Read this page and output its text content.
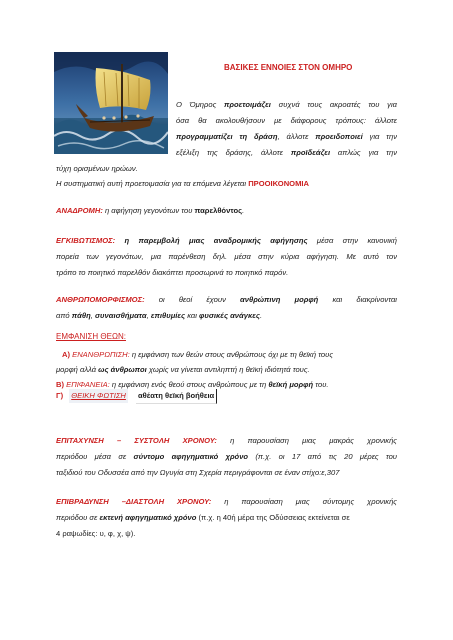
ΒΑΣΙΚΕΣ ΕΝΝΟΙΕΣ ΣΤΟΝ ΟΜΗΡΟ
Ο Όμηρος προετοιμάζει συχνά τους ακροατές του για
όσα θα ακολουθήσουν με διάφορους τρόπους: άλλοτε
προγραμματίζει τη δράση, άλλοτε προειδοποιεί για την
εξέλιξη της δράσης, άλλοτε προϊδεάζει απλώς για την
τύχη ορισμένων ηρώων.
Η συστηματική αυτή προετοιμασία για τα επόμενα λέγεται ΠΡΟΟΙΚΟΝΟΜΙΑ
ΑΝΑΔΡΟΜΗ: η αφήγηση γεγονότων του παρελθόντος.
ΕΓΚΙΒΩΤΙΣΜΟΣ: η παρεμβολή μιας αναδρομικής αφήγησης μέσα στην κανονική
πορεία των γεγονότων, μια παρένθεση δηλ. μέσα στην κύρια αφήγηση. Με αυτό τον
τρόπο το ποιητικό παρελθόν διακόπτει προσωρινά το ποιητικό παρόν.
ΑΝΘΡΩΠΟΜΟΡΦΙΣΜΟΣ: οι θεοί έχουν ανθρώπινη μορφή και διακρίνονται
από πάθη, συναισθήματα, επιθυμίες και φυσικές ανάγκες.
ΕΜΦΑΝΙΣΗ ΘΕΩΝ:
Α) ΕΝΑΝΘΡΩΠΙΣΗ: η εμφάνιση των θεών στους ανθρώπους όχι με τη θεϊκή τους
μορφή αλλά ως άνθρωποι χωρίς να γίνεται αντιληπτή η θεϊκή ιδιότητά τους.
Β) ΕΠΙΦΑΝΕΙΑ: η εμφάνιση ενός θεού στους ανθρώπους με τη θεϊκή μορφή του.
Γ) ΘΕΙΚΗ ΦΩΤΙΣΗ αθέατη θεϊκή βοήθεια
ΕΠΙΤΑΧΥΝΣΗ – ΣΥΣΤΟΛΗ ΧΡΟΝΟΥ: η παρουσίαση μιας μακράς χρονικής
περιόδου μέσα σε σύντομο αφηγηματικό χρόνο (π.χ. οι 17 από τις 20 μέρες του
ταξιδιού του Οδυσσέα από την Ωγυγία στη Σχερία περιγράφονται σε έναν στίχο:ε,307
ΕΠΙΒΡΑΔΥΝΣΗ –ΔΙΑΣΤΟΛΗ ΧΡΟΝΟΥ: η παρουσίαση μιας σύντομης χρονικής
περιόδου σε εκτενή αφηγηματικό χρόνο (π.χ. η 40ή μέρα της Οδύσσειας εκτείνεται σε
4 ραψωδίες: υ, φ, χ, ψ).
